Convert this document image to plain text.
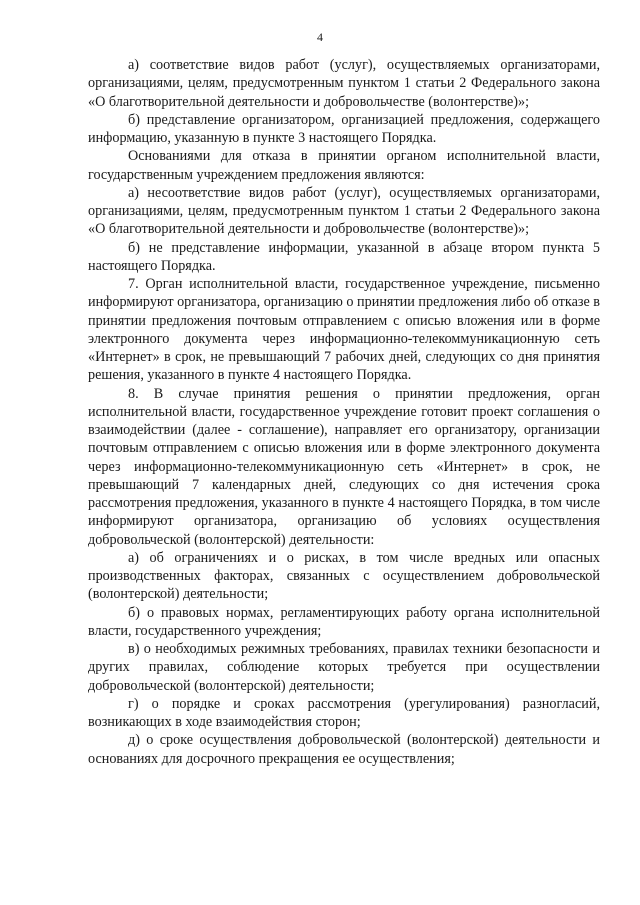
4

а) соответствие видов работ (услуг), осуществляемых организаторами, организациями, целям, предусмотренным пунктом 1 статьи 2 Федерального закона «О благотворительной деятельности и добровольчестве (волонтерстве)»;

б) представление организатором, организацией предложения, содержащего информацию, указанную в пункте 3 настоящего Порядка.

Основаниями для отказа в принятии органом исполнительной власти, государственным учреждением предложения являются:

а) несоответствие видов работ (услуг), осуществляемых организаторами, организациями, целям, предусмотренным пунктом 1 статьи 2 Федерального закона «О благотворительной деятельности и добровольчестве (волонтерстве)»;

б) не представление информации, указанной в абзаце втором пункта 5 настоящего Порядка.

7. Орган исполнительной власти, государственное учреждение, письменно информируют организатора, организацию о принятии предложения либо об отказе в принятии предложения почтовым отправлением с описью вложения или в форме электронного документа через информационно-телекоммуникационную сеть «Интернет» в срок, не превышающий 7 рабочих дней, следующих со дня принятия решения, указанного в пункте 4 настоящего Порядка.

8. В случае принятия решения о принятии предложения, орган исполнительной власти, государственное учреждение готовит проект соглашения о взаимодействии (далее - соглашение), направляет его организатору, организации почтовым отправлением с описью вложения или в форме электронного документа через информационно-телекоммуникационную сеть «Интернет» в срок, не превышающий 7 календарных дней, следующих со дня истечения срока рассмотрения предложения, указанного в пункте 4 настоящего Порядка, в том числе информируют организатора, организацию об условиях осуществления добровольческой (волонтерской) деятельности:

а) об ограничениях и о рисках, в том числе вредных или опасных производственных факторах, связанных с осуществлением добровольческой (волонтерской) деятельности;

б) о правовых нормах, регламентирующих работу органа исполнительной власти, государственного учреждения;

в) о необходимых режимных требованиях, правилах техники безопасности и других правилах, соблюдение которых требуется при осуществлении добровольческой (волонтерской) деятельности;

г) о порядке и сроках рассмотрения (урегулирования) разногласий, возникающих в ходе взаимодействия сторон;

д) о сроке осуществления добровольческой (волонтерской) деятельности и основаниях для досрочного прекращения ее осуществления;
